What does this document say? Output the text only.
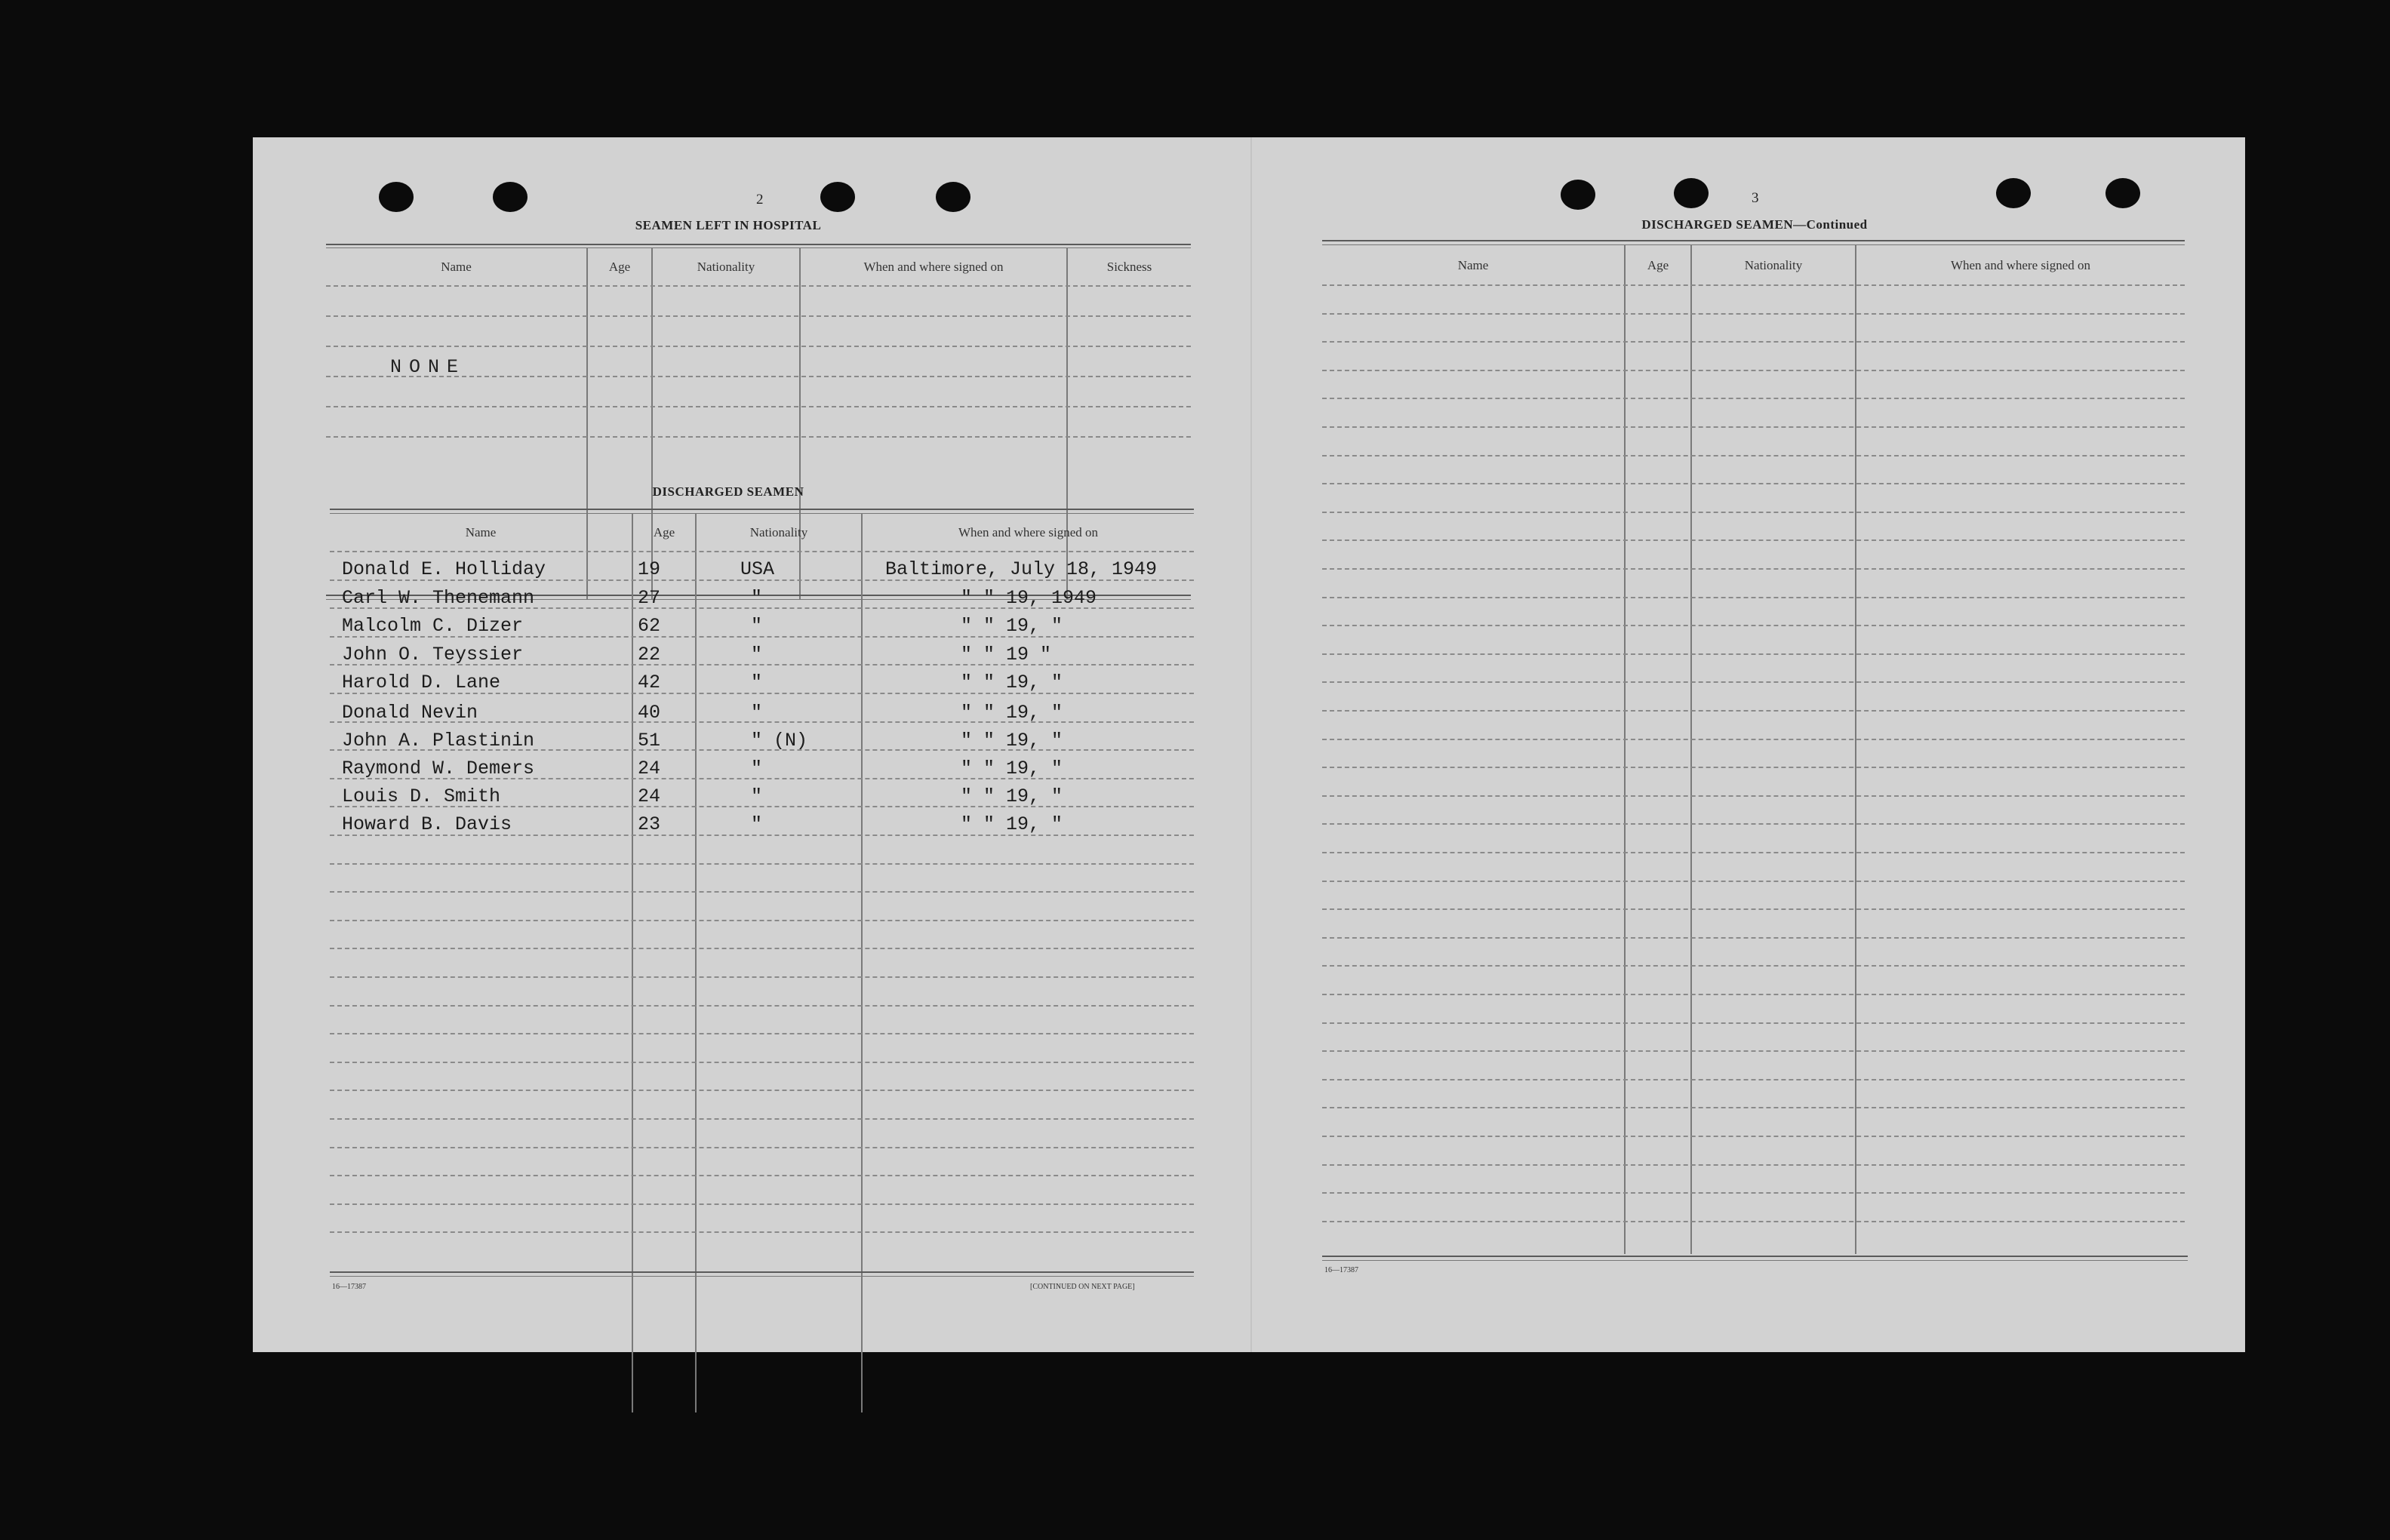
2
SEAMEN LEFT IN HOSPITAL
Name	Age	Nationality	When and where signed on	Sickness
NONE
DISCHARGED SEAMEN
Name	Age	Nationality	When and where signed on
Donald E. Holliday	19	USA	Baltimore, July 18, 1949
Carl W. Thenemann	27	"	" " 19, 1949
Malcolm C. Dizer	62	"	" " 19, "
John O. Teyssier	22	"	" " 19 "
Harold D. Lane	42	"	" " 19, "
Donald Nevin	40	"	" " 19, "
John A. Plastinin	51	" (N)	" " 19, "
Raymond W. Demers	24	"	" " 19, "
Louis D. Smith	24	"	" " 19, "
Howard B. Davis	23	"	" " 19, "
16—17387	[CONTINUED ON NEXT PAGE]
3
DISCHARGED SEAMEN—Continued
Name	Age	Nationality	When and where signed on
16—17387
